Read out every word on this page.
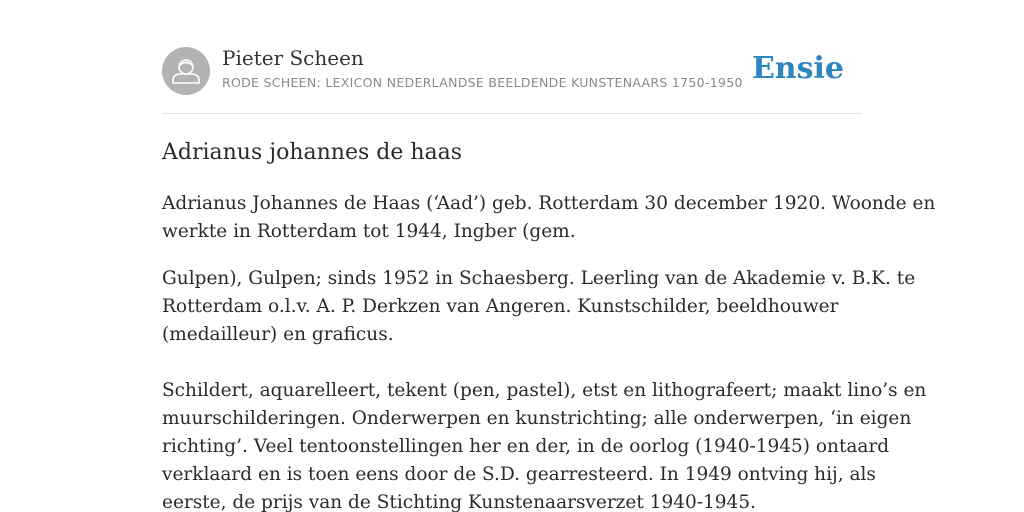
Pieter Scheen
RODE SCHEEN: LEXICON NEDERLANDSE BEELDENDE KUNSTENAARS 1750-1950 Ensie
Adrianus johannes de haas

Adrianus Johannes de Haas (‘Aad’) geb. Rotterdam 30 december 1920. Woonde en
werkte in Rotterdam tot 1944, Ingber (gem.

Gulpen), Gulpen; sinds 1952 in Schaesberg. Leerling van de Akademie v. B.K. te
Rotterdam o.l.v. A. P. Derkzen van Angeren. Kunstschilder, beeldhouwer
(medailleur) en graficus.

Schildert, aquarelleert, tekent (pen, pastel), etst en lithografeert; maakt lino’s en
muurschilderingen. Onderwerpen en kunstrichting; alle onderwerpen, ‘in eigen
richting’. Veel tentoonstellingen her en der, in de oorlog (1940-1945) ontaard
verklaard en is toen eens door de S.D. gearresteerd. In 1949 ontving hij, als
eerste, de prijs van de Stichting Kunstenaarsverzet 1940-1945.
